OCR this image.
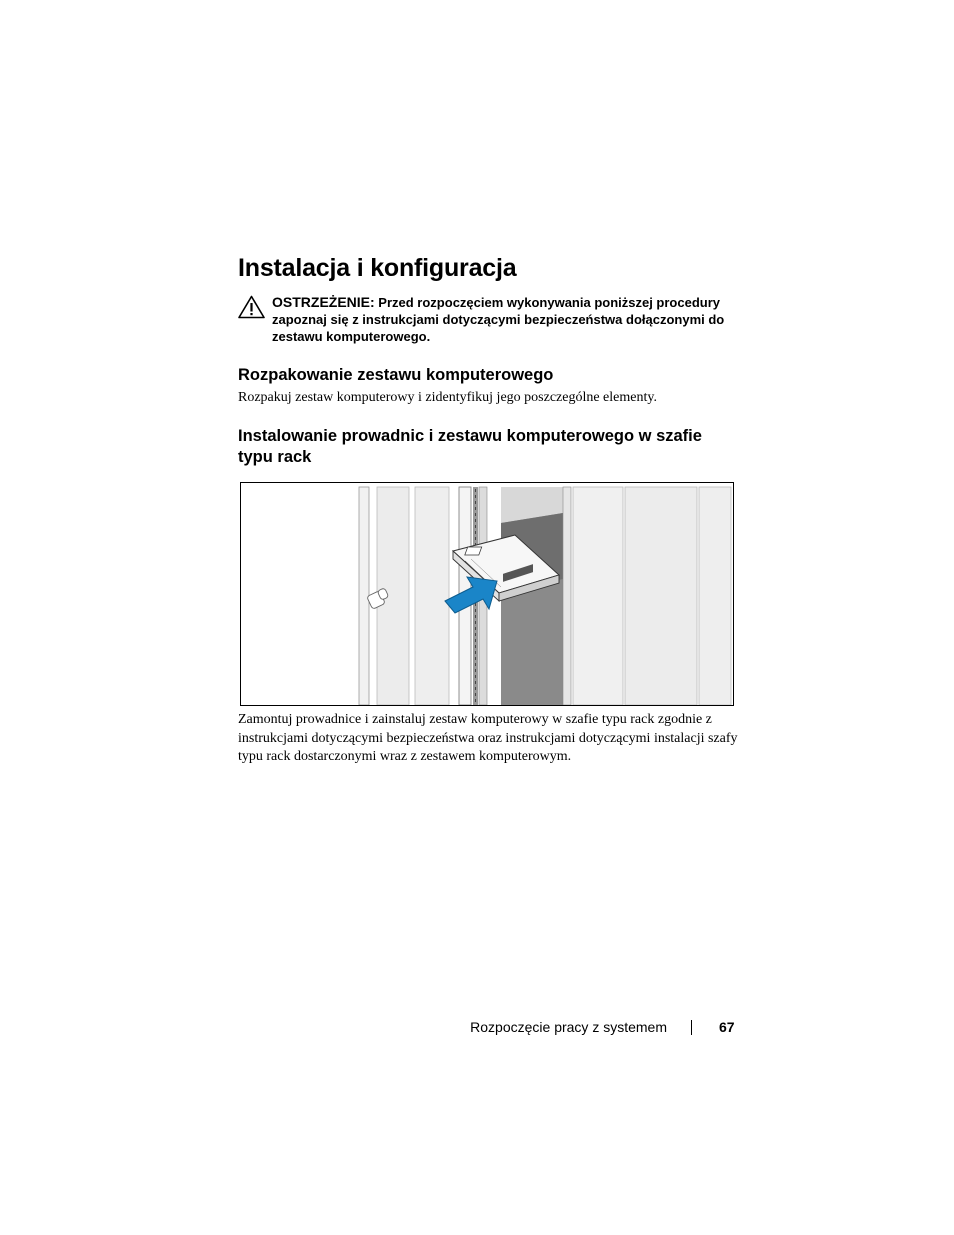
Instalacja i konfiguracja
OSTRZEŻENIE: Przed rozpoczęciem wykonywania poniższej procedury zapoznaj się z instrukcjami dotyczącymi bezpieczeństwa dołączonymi do zestawu komputerowego.
Rozpakowanie zestawu komputerowego

Rozpakuj zestaw komputerowy i zidentyfikuj jego poszczególne elementy.

Instalowanie prowadnic i zestawu komputerowego w szafie typu rack

Zamontuj prowadnice i zainstaluj zestaw komputerowy w szafie typu rack zgodnie z instrukcjami dotyczącymi bezpieczeństwa oraz instrukcjami dotyczącymi instalacji szafy typu rack dostarczonymi wraz z zestawem komputerowym.

Rozpoczęcie pracy z systemem	67
